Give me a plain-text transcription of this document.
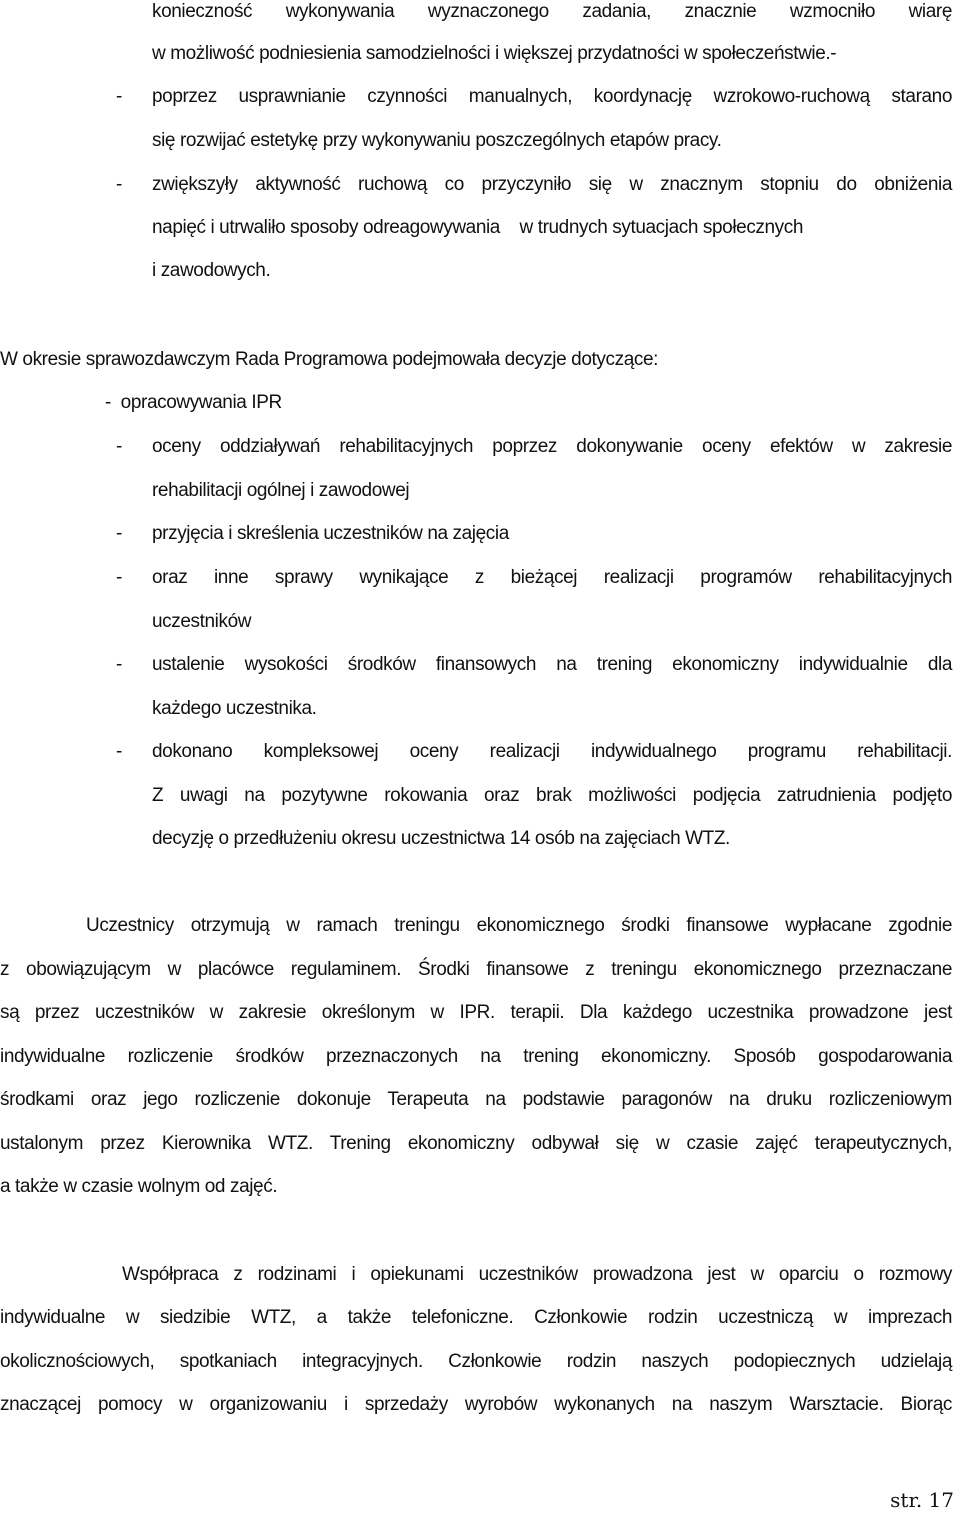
konieczność wykonywania wyznaczonego zadania, znacznie wzmocniło wiarę
w możliwość podniesienia samodzielności i większej przydatności w społeczeństwie.-
- poprzez usprawnianie czynności manualnych, koordynację wzrokowo-ruchową starano
się rozwijać estetykę przy wykonywaniu poszczególnych etapów pracy.
- zwiększyły aktywność ruchową co przyczyniło się w znacznym stopniu do obniżenia
napięć i utrwaliło sposoby odreagowywania    w trudnych sytuacjach społecznych
i zawodowych.
W okresie sprawozdawczym Rada Programowa podejmowała decyzje dotyczące:
-  opracowywania IPR
- oceny oddziaływań rehabilitacyjnych poprzez dokonywanie oceny efektów w zakresie
rehabilitacji ogólnej i zawodowej
- przyjęcia i skreślenia uczestników na zajęcia
- oraz inne sprawy wynikające z bieżącej realizacji programów rehabilitacyjnych
uczestników
- ustalenie wysokości środków finansowych na trening ekonomiczny indywidualnie dla
każdego uczestnika.
- dokonano kompleksowej oceny realizacji indywidualnego programu rehabilitacji.
Z uwagi na pozytywne rokowania oraz brak możliwości podjęcia zatrudnienia podjęto
decyzję o przedłużeniu okresu uczestnictwa 14 osób na zajęciach WTZ.
Uczestnicy otrzymują w ramach treningu ekonomicznego środki finansowe wypłacane zgodnie
z obowiązującym w placówce regulaminem. Środki finansowe z treningu ekonomicznego przeznaczane
są przez uczestników w zakresie określonym w IPR. terapii. Dla każdego uczestnika prowadzone jest
indywidualne rozliczenie środków przeznaczonych na trening ekonomiczny. Sposób gospodarowania
środkami oraz jego rozliczenie dokonuje Terapeuta na podstawie paragonów na druku rozliczeniowym
ustalonym przez Kierownika WTZ. Trening ekonomiczny odbywał się w czasie zajęć terapeutycznych,
a także w czasie wolnym od zajęć.
Współpraca z rodzinami i opiekunami uczestników prowadzona jest w oparciu o rozmowy
indywidualne w siedzibie WTZ, a także telefoniczne. Członkowie rodzin uczestniczą w imprezach
okolicznościowych, spotkaniach integracyjnych. Członkowie rodzin naszych podopiecznych udzielają
znaczącej pomocy w organizowaniu i sprzedaży wyrobów wykonanych na naszym Warsztacie. Biorąc
str. 17
